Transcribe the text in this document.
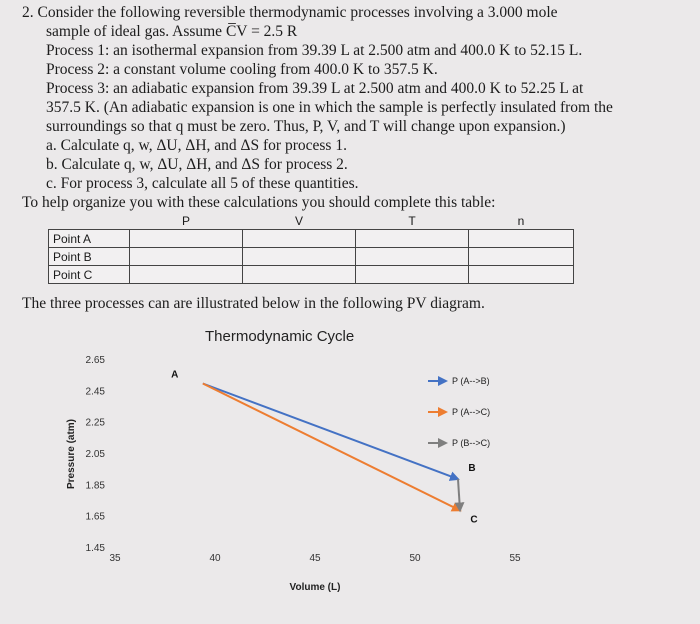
2. Consider the following reversible thermodynamic processes involving a 3.000 mole
sample of ideal gas. Assume C̅V = 2.5 R
Process 1: an isothermal expansion from 39.39 L at 2.500 atm and 400.0 K to 52.15 L.
Process 2: a constant volume cooling from 400.0 K to 357.5 K.
Process 3: an adiabatic expansion from 39.39 L at 2.500 atm and 400.0 K to 52.25 L at
357.5 K. (An adiabatic expansion is one in which the sample is perfectly insulated from the
surroundings so that q must be zero. Thus, P, V, and T will change upon expansion.)
a. Calculate q, w, ΔU, ΔH, and ΔS for process 1.
b. Calculate q, w, ΔU, ΔH, and ΔS for process 2.
c. For process 3, calculate all 5 of these quantities.
To help organize you with these calculations you should complete this table:
	P	V	T	n
Point A				
Point B				
Point C				
The three processes can are illustrated below in the following PV diagram.
Thermodynamic Cycle
1.45
1.65
1.85
2.05
2.25
2.45
2.65
35	40	45	50	55
Volume (L)
Pressure (atm)
A
B
C
P (A-->B)
P (A-->C)
P (B-->C)
